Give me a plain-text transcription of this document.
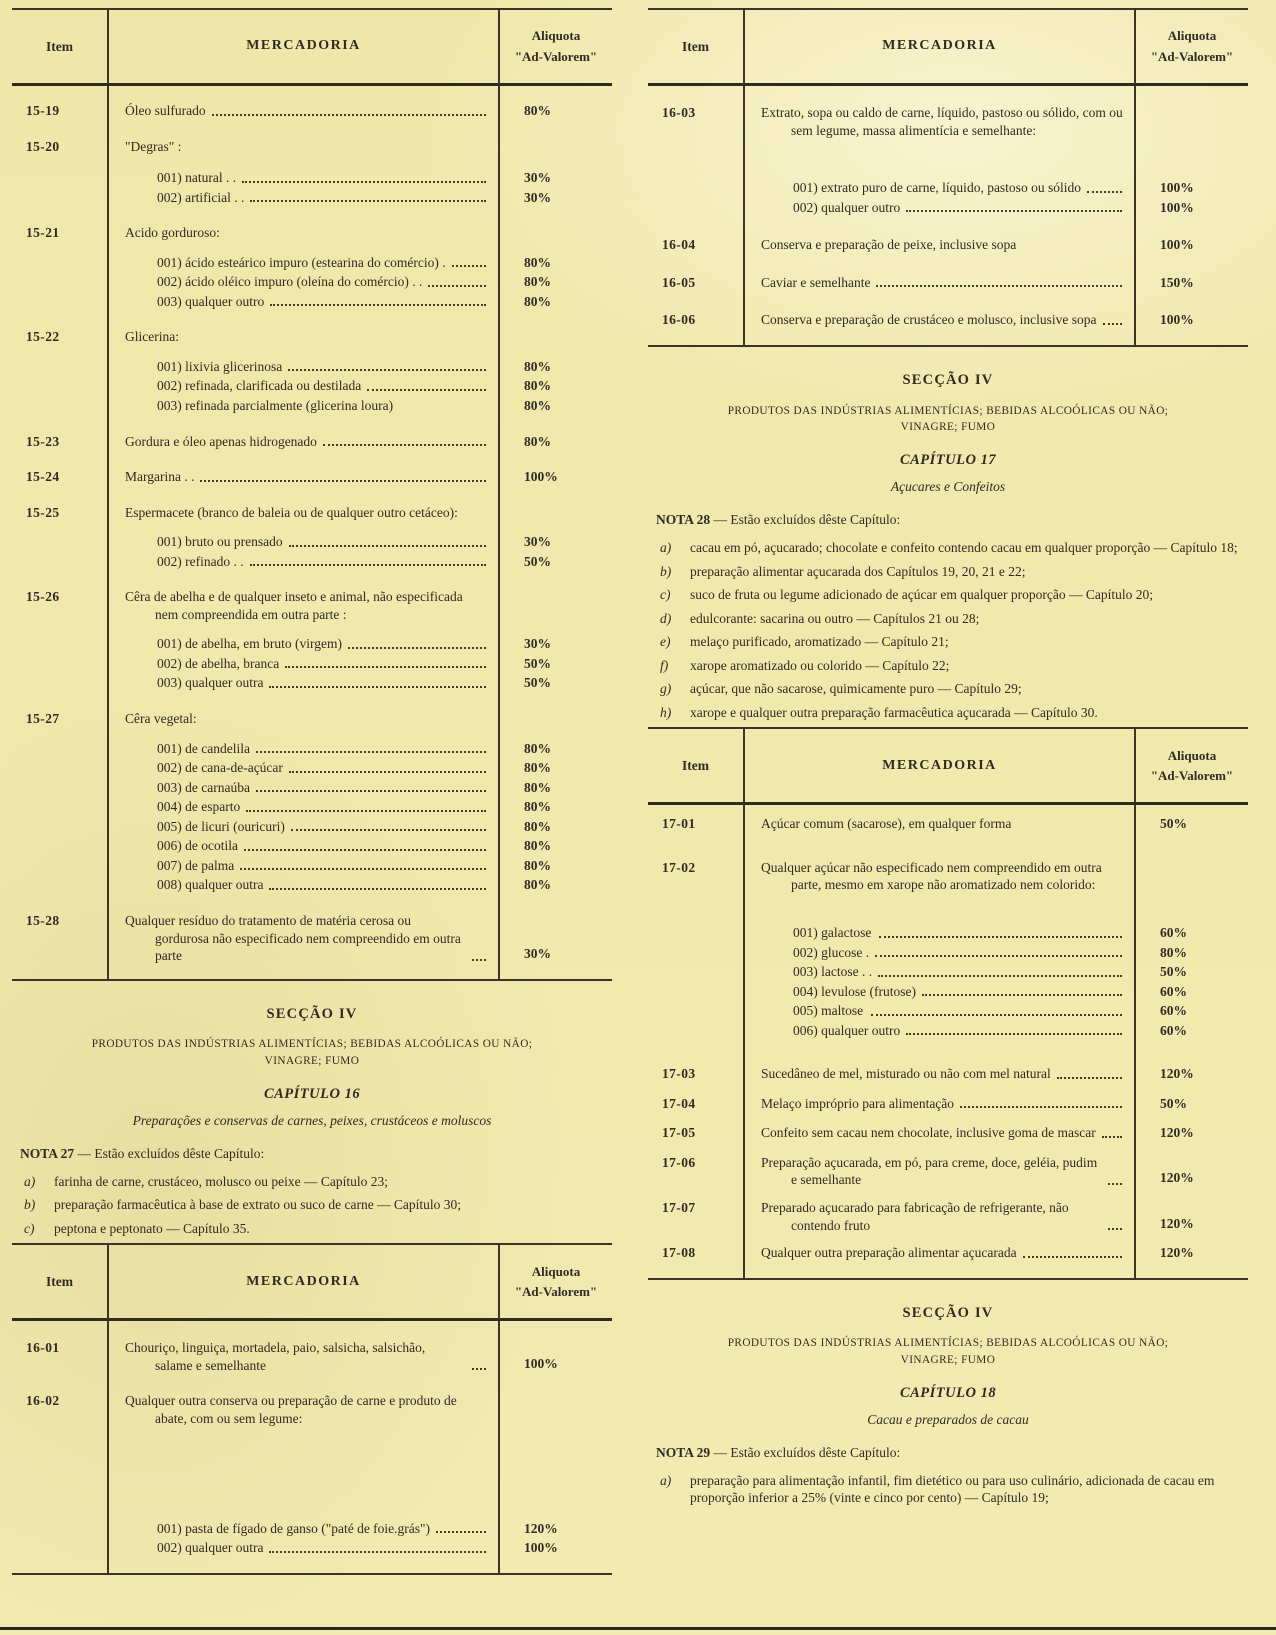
Item	MERCADORIA
Aliquota
"Ad-Valorem"
15-19	Óleo sulfurado	80%
15-20	"Degras" :
001) natural . .	30%
002) artificial . .	30%
15-21	Acido gorduroso:
001) ácido esteárico impuro (estearina do comércio) .	80%
002) ácido oléico impuro (oleína do comércio) . .	80%
003) qualquer outro	80%
15-22	Glicerina:
001) lixivia glicerinosa	80%
002) refinada, clarificada ou destilada	80%
003) refinada parcialmente (glicerina loura)	80%
15-23	Gordura e óleo apenas hidrogenado	80%
15-24	Margarina . .	100%
15-25	Espermacete (branco de baleia ou de qualquer outro cetáceo):
001) bruto ou prensado	30%
002) refinado . .	50%
15-26	Cêra de abelha e de qualquer inseto e animal, não especificada nem compreendida em outra parte :
001) de abelha, em bruto (virgem)	30%
002) de abelha, branca	50%
003) qualquer outra	50%
15-27	Cêra vegetal:
001) de candelila	80%
002) de cana-de-açúcar	80%
003) de carnaúba	80%
004) de esparto	80%
005) de licuri (ouricuri)	80%
006) de ocotila	80%
007) de palma	80%
008) qualquer outra	80%
15-28	Qualquer resíduo do tratamento de matéria cerosa ou gordurosa não especificado nem compreendido em outra parte	30%
SECÇÃO IV
PRODUTOS DAS INDÚSTRIAS ALIMENTÍCIAS; BEBIDAS ALCOÓLICAS OU NÃO;
VINAGRE; FUMO
CAPÍTULO 16
Preparações e conservas de carnes, peixes, crustáceos e moluscos
NOTA 27 — Estão excluídos dêste Capítulo:
a)	farinha de carne, crustáceo, molusco ou peixe — Capítulo 23;
b)	preparação farmacêutica à base de extrato ou suco de carne — Capítulo 30;
c)	peptona e peptonato — Capítulo 35.
Item	MERCADORIA
Aliquota
"Ad-Valorem"
16-01	Chouriço, linguiça, mortadela, paio, salsicha, salsichão, salame e semelhante	100%
16-02	Qualquer outra conserva ou preparação de carne e produto de abate, com ou sem legume:
001) pasta de fígado de ganso ("paté de foie.grás")	120%
002) qualquer outra	100%
Item	MERCADORIA
Aliquota
"Ad-Valorem"
16-03	Extrato, sopa ou caldo de carne, líquido, pastoso ou sólido, com ou sem legume, massa alimentícia e semelhante:
001) extrato puro de carne, líquido, pastoso ou sólido	100%
002) qualquer outro	100%
16-04	Conserva e preparação de peixe, inclusive sopa	100%
16-05	Caviar e semelhante	150%
16-06	Conserva e preparação de crustáceo e molusco, inclusive sopa	100%
SECÇÃO IV
PRODUTOS DAS INDÚSTRIAS ALIMENTÍCIAS; BEBIDAS ALCOÓLICAS OU NÃO;
VINAGRE; FUMO
CAPÍTULO 17
Açucares e Confeitos
NOTA 28 — Estão excluídos dêste Capítulo:
a)	cacau em pó, açucarado; chocolate e confeito contendo cacau em qualquer proporção — Capítulo 18;
b)	preparação alimentar açucarada dos Capítulos 19, 20, 21 e 22;
c)	suco de fruta ou legume adicionado de açúcar em qualquer proporção — Capítulo 20;
d)	edulcorante: sacarina ou outro — Capítulos 21 ou 28;
e)	melaço purificado, aromatizado — Capítulo 21;
f)	xarope aromatizado ou colorido — Capítulo 22;
g)	açúcar, que não sacarose, quimicamente puro — Capítulo 29;
h)	xarope e qualquer outra preparação farmacêutica açucarada — Capítulo 30.
Item	MERCADORIA
Aliquota
"Ad-Valorem"
17-01	Açúcar comum (sacarose), em qualquer forma	50%
17-02	Qualquer açúcar não especificado nem compreendido em outra parte, mesmo em xarope não aromatizado nem colorido:
001) galactose	60%
002) glucose .	80%
003) lactose . .	50%
004) levulose (frutose)	60%
005) maltose	60%
006) qualquer outro	60%
17-03	Sucedâneo de mel, misturado ou não com mel natural	120%
17-04	Melaço impróprio para alimentação	50%
17-05	Confeito sem cacau nem chocolate, inclusive goma de mascar	120%
17-06	Preparação açucarada, em pó, para creme, doce, geléia, pudim e semelhante	120%
17-07	Preparado açucarado para fabricação de refrigerante, não contendo fruto	120%
17-08	Qualquer outra preparação alimentar açucarada	120%
SECÇÃO IV
PRODUTOS DAS INDÚSTRIAS ALIMENTÍCIAS; BEBIDAS ALCOÓLICAS OU NÃO;
VINAGRE; FUMO
CAPÍTULO 18
Cacau e preparados de cacau
NOTA 29 — Estão excluídos dêste Capítulo:
a)	preparação para alimentação infantil, fim dietético ou para uso culinário, adicionada de cacau em proporção inferior a 25% (vinte e cinco por cento) — Capítulo 19;
